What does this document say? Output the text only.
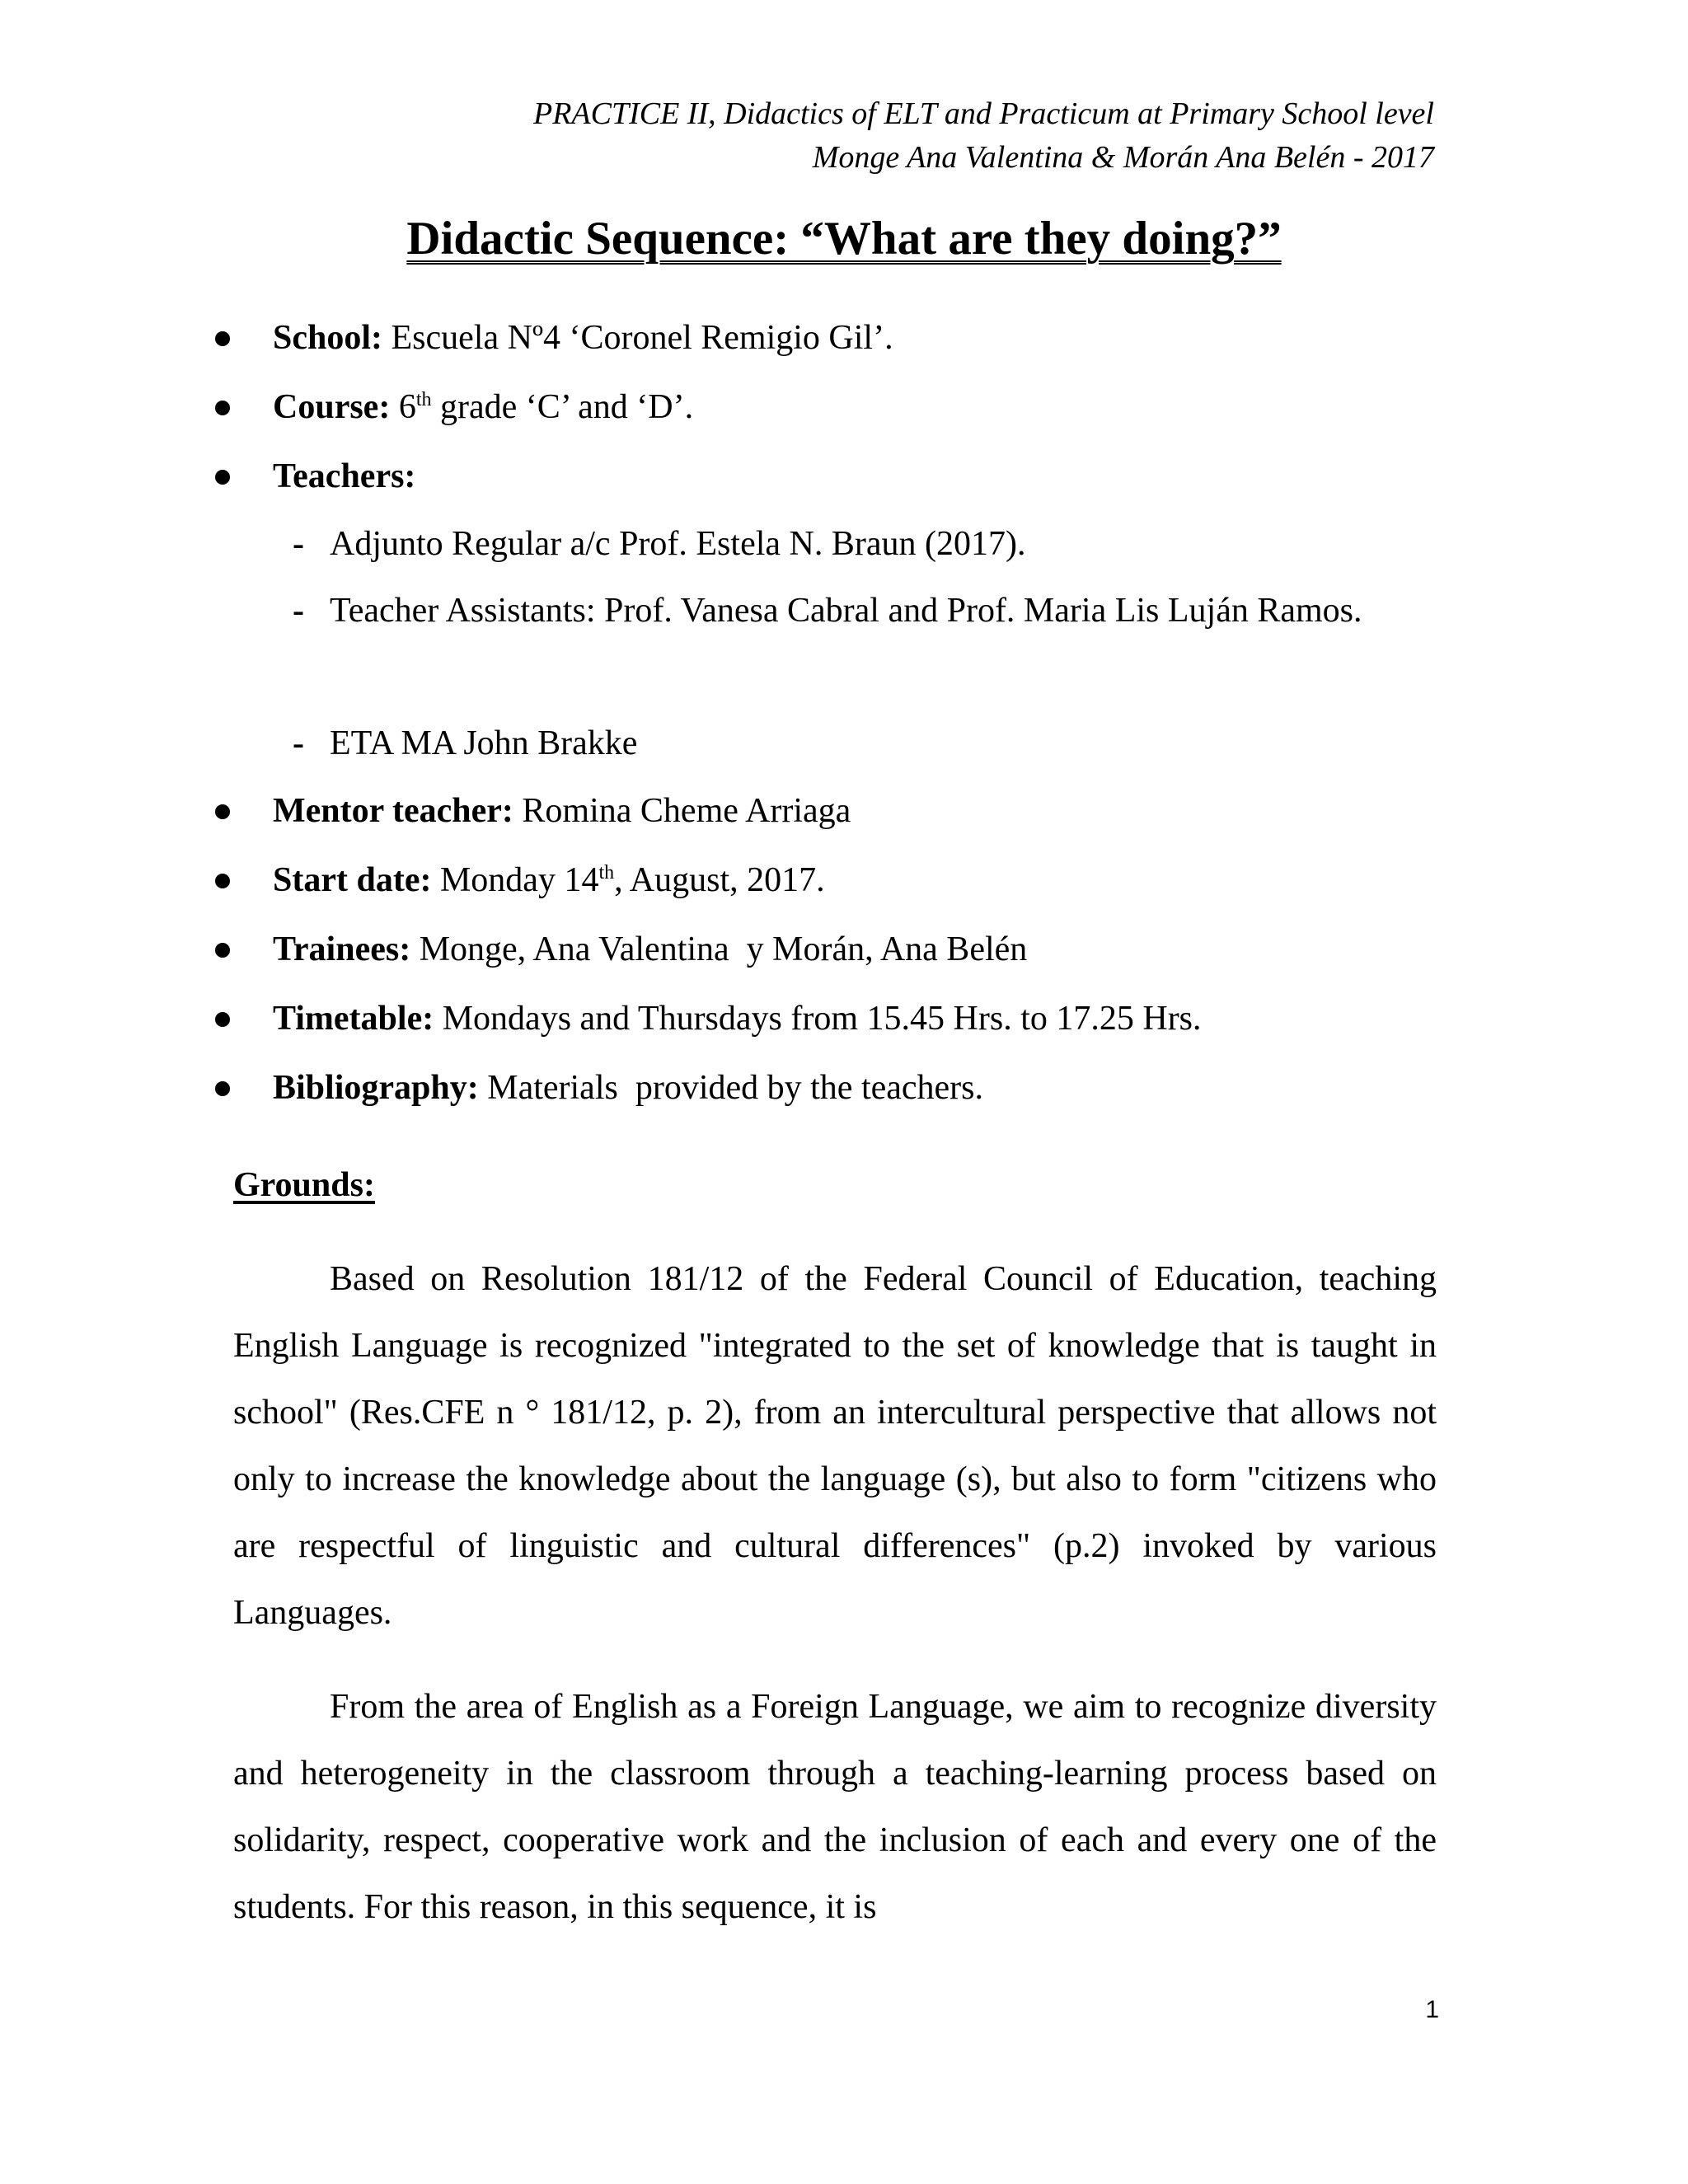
PRACTICE II, Didactics of ELT and Practicum at Primary School level
Monge Ana Valentina & Morán Ana Belén - 2017
Didactic Sequence: “What are they doing?”
School: Escuela Nº4 ‘Coronel Remigio Gil’.
Course: 6th grade ‘C’ and ‘D’.
Teachers:
- Adjunto Regular a/c Prof. Estela N. Braun (2017).
- Teacher Assistants: Prof. Vanesa Cabral and Prof. Maria Lis Luján Ramos.
- ETA MA John Brakke
Mentor teacher: Romina Cheme Arriaga
Start date: Monday 14th, August, 2017.
Trainees: Monge, Ana Valentina  y Morán, Ana Belén
Timetable: Mondays and Thursdays from 15.45 Hrs. to 17.25 Hrs.
Bibliography: Materials  provided by the teachers.
Grounds:

Based on Resolution 181/12 of the Federal Council of Education, teaching English Language is recognized "integrated to the set of knowledge that is taught in school" (Res.CFE n ° 181/12, p. 2), from an intercultural perspective that allows not only to increase the knowledge about the language (s), but also to form "citizens who are respectful of linguistic and cultural differences" (p.2) invoked by various Languages.

From the area of English as a Foreign Language, we aim to recognize diversity and heterogeneity in the classroom through a teaching-learning process based on solidarity, respect, cooperative work and the inclusion of each and every one of the students. For this reason, in this sequence, it is

1
